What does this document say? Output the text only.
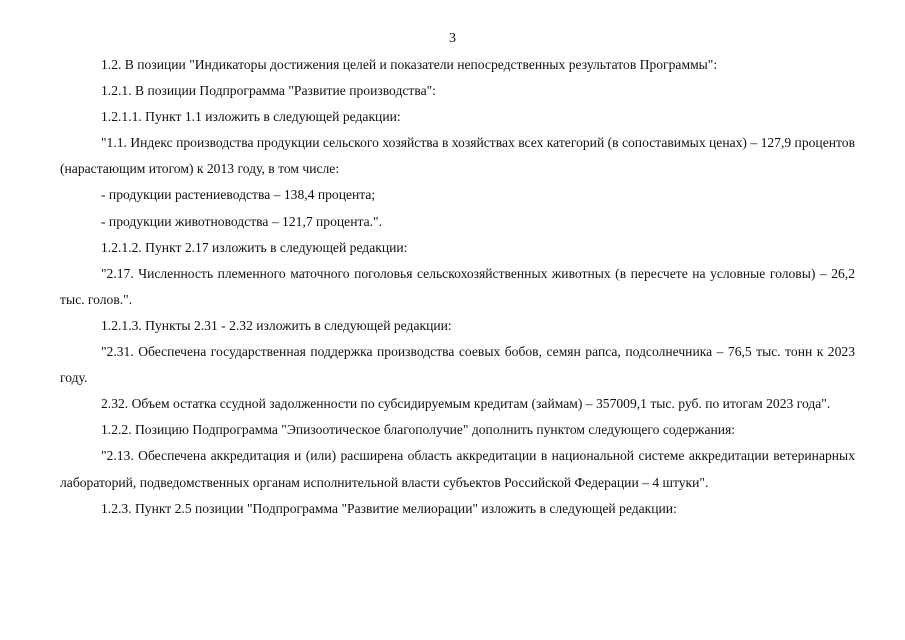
3

1.2. В позиции "Индикаторы достижения целей и показатели непосредственных результатов Программы":

1.2.1. В позиции Подпрограмма "Развитие производства":

1.2.1.1. Пункт 1.1 изложить в следующей редакции:

"1.1. Индекс производства продукции сельского хозяйства в хозяйствах всех категорий (в сопоставимых ценах) – 127,9 процентов (нарастающим итогом) к 2013 году, в том числе:

- продукции растениеводства – 138,4 процента;

- продукции животноводства – 121,7 процента.".

1.2.1.2. Пункт 2.17 изложить в следующей редакции:

"2.17. Численность племенного маточного поголовья сельскохозяйственных животных (в пересчете на условные головы) – 26,2 тыс. голов.".

1.2.1.3. Пункты 2.31 - 2.32 изложить в следующей редакции:

"2.31. Обеспечена государственная поддержка производства соевых бобов, семян рапса, подсолнечника – 76,5 тыс. тонн к 2023 году.

2.32. Объем остатка ссудной задолженности по субсидируемым кредитам (займам) – 357009,1 тыс. руб. по итогам 2023 года".

1.2.2. Позицию Подпрограмма "Эпизоотическое благополучие" дополнить пунктом следующего содержания:

"2.13. Обеспечена аккредитация и (или) расширена область аккредитации в национальной системе аккредитации ветеринарных лабораторий, подведомственных органам исполнительной власти субъектов Российской Федерации – 4 штуки".

1.2.3. Пункт 2.5 позиции "Подпрограмма "Развитие мелиорации" изложить в следующей редакции:
